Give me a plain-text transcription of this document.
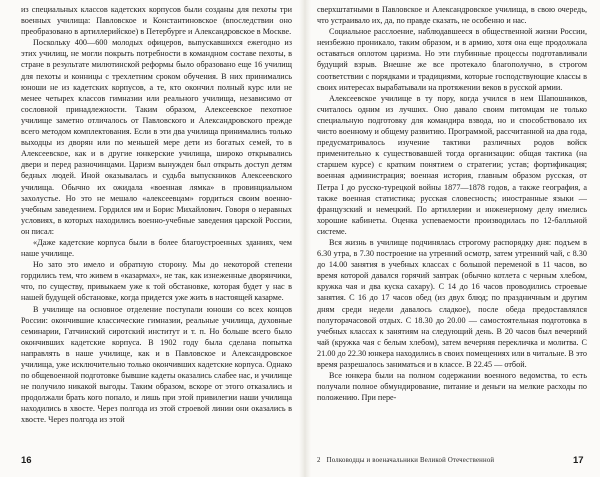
из специальных классов кадетских корпусов были созданы для пехоты три военных училища: Павловское и Константиновское (впоследствии оно преобразовано в артиллерийское) в Петербурге и Александровское в Москве.

Поскольку 400—600 молодых офицеров, выпускавшихся ежегодно из этих училищ, не могли покрыть потребности в командном составе пехоты, в стране в результате милютинской реформы было образовано еще 16 училищ для пехоты и конницы с трехлетним сроком обучения. В них принимались юноши не из кадетских корпусов, а те, кто окончил полный курс или не менее четырех классов гимназии или реального училища, независимо от сословной принадлежности. Таким образом, Алексеевское пехотное училище заметно отличалось от Павловского и Александровского прежде всего методом комплектования. Если в эти два училища принимались только выходцы из дворян или по меньшей мере дети из богатых семей, то в Алексеевское, как и в другие юнкерские училища, широко открывались двери и перед разночинцами. Царизм вынужден был открыть доступ детям бедных людей. Иной оказывалась и судьба выпускников Алексеевского училища. Обычно их ожидала «военная лямка» в провинциальном захолустье. Но это не мешало «алексеевцам» гордиться своим военно-учебным заведением. Гордился им и Борис Михайлович. Говоря о неравных условиях, в которых находились военно-учебные заведения царской России, он писал:

«Даже кадетские корпуса были в более благоустроенных зданиях, чем наше училище.

Но зато это имело и обратную сторону. Мы до некоторой степени гордились тем, что живем в «казармах», не так, как изнеженные дворянчики, что, по существу, привыкаем уже к той обстановке, которая будет у нас в нашей будущей обстановке, когда придется уже жить в настоящей казарме.

В училище на основное отделение поступали юноши со всех концов России: окончившие классические гимназии, реальные училища, духовные семинарии, Гатчинский сиротский институт и т. п. Но больше всего было окончивших кадетские корпуса. В 1902 году была сделана попытка направлять в наше училище, как и в Павловское и Александровское училища, уже исключительно только окончивших кадетские корпуса. Однако по общевоенной подготовке бывшие кадеты оказались слабее нас, и училище не получило никакой выгоды. Таким образом, вскоре от этого отказались и продолжали брать кого попало, и лишь при этой привилегии наши училища находились в хвосте. Через полгода из этой строевой линии они оказались в хвосте. Через полгода из этой

сверхштатными в Павловское и Александровское училища, в свою очередь, что устраивало их, да, по правде сказать, не особенно и нас.

Социальное расслоение, наблюдавшееся в общественной жизни России, неизбежно проникало, таким образом, и в армию, хотя она еще продолжала оставаться оплотом царизма. Но эти глубинные процессы подготавливали будущий взрыв. Внешне же все протекало благополучно, в строгом соответствии с порядками и традициями, которые господствующие классы в своих интересах вырабатывали на протяжении веков в русской армии.

Алексеевское училище в ту пору, когда учился в нем Шапошников, считалось одним из лучших. Оно давало своим питомцам не только специальную подготовку для командира взвода, но и способствовало их чисто военному и общему развитию. Программой, рассчитанной на два года, предусматривалось изучение тактики различных родов войск применительно к существовавшей тогда организации: общая тактика (на старшем курсе) с кратким понятием о стратегии; устав; фортификация; военная администрация; военная история, главным образом русская, от Петра I до русско-турецкой войны 1877—1878 годов, а также география, а также военная статистика; русская словесность; иностранные языки — французский и немецкий. По артиллерии и инженерному делу имелись хорошие кабинеты. Оценка успеваемости производилась по 12-балльной системе.

Вся жизнь в училище подчинялась строгому распорядку дня: подъем в 6.30 утра, в 7.30 построение на утренний осмотр, затем утренний чай, с 8.30 до 14.00 занятия в учебных классах с большой переменой в 11 часов, во время которой давался горячий завтрак (обычно котлета с черным хлебом, кружка чая и два куска сахару). С 14 до 16 часов проводились строевые занятия. С 16 до 17 часов обед (из двух блюд; по праздничным и другим дням среди недели давалось сладкое), после обеда предоставлялся полуторачасовой отдых. С 18.30 до 20.00 — самостоятельная подготовка в учебных классах к занятиям на следующий день. В 20 часов был вечерний чай (кружка чая с белым хлебом), затем вечерняя перекличка и молитва. С 21.00 до 22.30 юнкера находились в своих помещениях или в читальне. В это время разрешалось заниматься и в классе. В 22.45 — отбой.

Все юнкера были на полном содержании военного ведомства, то есть получали полное обмундирование, питание и деньги на мелкие расходы по положению. При пере-

16	2 Полководцы и военачальники Великой Отечественной	17
